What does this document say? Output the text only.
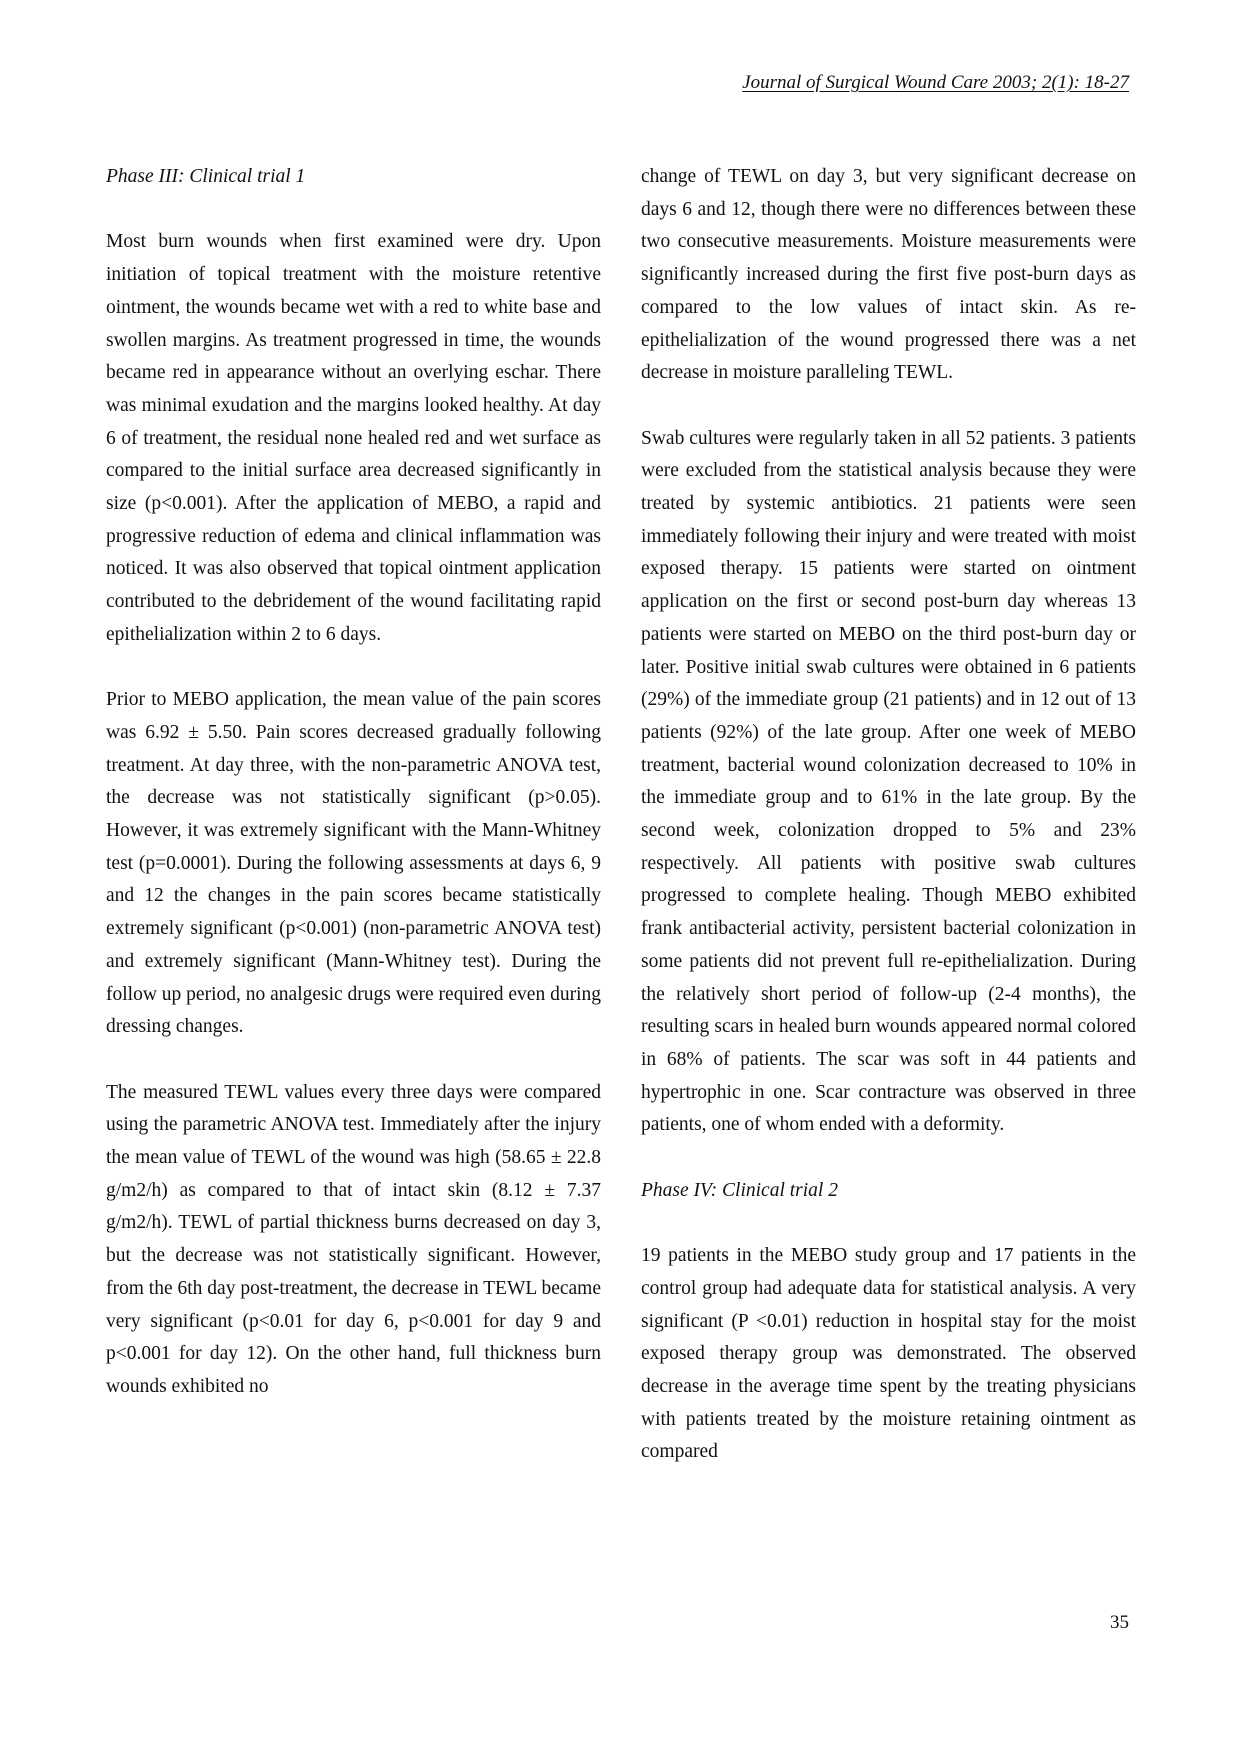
Journal of Surgical Wound Care 2003; 2(1): 18-27

Phase III: Clinical trial 1

Most burn wounds when first examined were dry. Upon initiation of topical treatment with the moisture retentive ointment, the wounds became wet with a red to white base and swollen margins. As treatment progressed in time, the wounds became red in appearance without an overlying eschar. There was minimal exudation and the margins looked healthy. At day 6 of treatment, the residual none healed red and wet surface as compared to the initial surface area decreased significantly in size (p<0.001). After the application of MEBO, a rapid and progressive reduction of edema and clinical inflammation was noticed. It was also observed that topical ointment application contributed to the debridement of the wound facilitating rapid epithelialization within 2 to 6 days.

Prior to MEBO application, the mean value of the pain scores was 6.92 ± 5.50. Pain scores decreased gradually following treatment. At day three, with the non-parametric ANOVA test, the decrease was not statistically significant (p>0.05). However, it was extremely significant with the Mann-Whitney test (p=0.0001). During the following assessments at days 6, 9 and 12 the changes in the pain scores became statistically extremely significant (p<0.001) (non-parametric ANOVA test) and extremely significant (Mann-Whitney test). During the follow up period, no analgesic drugs were required even during dressing changes.

The measured TEWL values every three days were compared using the parametric ANOVA test. Immediately after the injury the mean value of TEWL of the wound was high (58.65 ± 22.8 g/m2/h) as compared to that of intact skin (8.12 ± 7.37 g/m2/h). TEWL of partial thickness burns decreased on day 3, but the decrease was not statistically significant. However, from the 6th day post-treatment, the decrease in TEWL became very significant (p<0.01 for day 6, p<0.001 for day 9 and p<0.001 for day 12). On the other hand, full thickness burn wounds exhibited no

change of TEWL on day 3, but very significant decrease on days 6 and 12, though there were no differences between these two consecutive measurements. Moisture measurements were significantly increased during the first five post-burn days as compared to the low values of intact skin. As re-epithelialization of the wound progressed there was a net decrease in moisture paralleling TEWL.

Swab cultures were regularly taken in all 52 patients. 3 patients were excluded from the statistical analysis because they were treated by systemic antibiotics. 21 patients were seen immediately following their injury and were treated with moist exposed therapy. 15 patients were started on ointment application on the first or second post-burn day whereas 13 patients were started on MEBO on the third post-burn day or later. Positive initial swab cultures were obtained in 6 patients (29%) of the immediate group (21 patients) and in 12 out of 13 patients (92%) of the late group. After one week of MEBO treatment, bacterial wound colonization decreased to 10% in the immediate group and to 61% in the late group. By the second week, colonization dropped to 5% and 23% respectively. All patients with positive swab cultures progressed to complete healing. Though MEBO exhibited frank antibacterial activity, persistent bacterial colonization in some patients did not prevent full re-epithelialization. During the relatively short period of follow-up (2-4 months), the resulting scars in healed burn wounds appeared normal colored in 68% of patients. The scar was soft in 44 patients and hypertrophic in one. Scar contracture was observed in three patients, one of whom ended with a deformity.

Phase IV: Clinical trial 2

19 patients in the MEBO study group and 17 patients in the control group had adequate data for statistical analysis. A very significant (P <0.01) reduction in hospital stay for the moist exposed therapy group was demonstrated. The observed decrease in the average time spent by the treating physicians with patients treated by the moisture retaining ointment as compared

35
